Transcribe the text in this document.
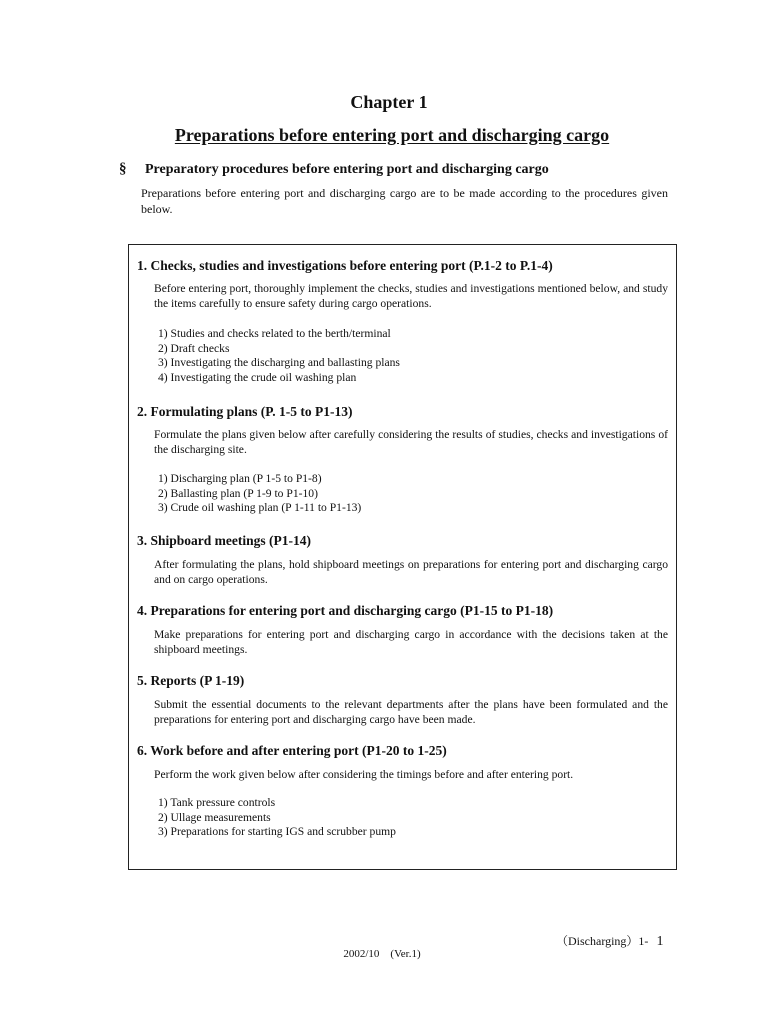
Chapter 1
Preparations before entering port and discharging cargo
§ Preparatory procedures before entering port and discharging cargo
Preparations before entering port and discharging cargo are to be made according to the procedures given below.
1. Checks, studies and investigations before entering port (P.1-2 to P.1-4)
Before entering port, thoroughly implement the checks, studies and investigations mentioned below, and study the items carefully to ensure safety during cargo operations.
1) Studies and checks related to the berth/terminal
2) Draft checks
3) Investigating the discharging and ballasting plans
4) Investigating the crude oil washing plan
2. Formulating plans (P. 1-5 to P1-13)
Formulate the plans given below after carefully considering the results of studies, checks and investigations of the discharging site.
1) Discharging plan (P 1-5 to P1-8)
2) Ballasting plan (P 1-9 to P1-10)
3) Crude oil washing plan (P 1-11 to P1-13)
3. Shipboard meetings (P1-14)
After formulating the plans, hold shipboard meetings on preparations for entering port and discharging cargo and on cargo operations.
4. Preparations for entering port and discharging cargo (P1-15 to P1-18)
Make preparations for entering port and discharging cargo in accordance with the decisions taken at the shipboard meetings.
5. Reports (P 1-19)
Submit the essential documents to the relevant departments after the plans have been formulated and the preparations for entering port and discharging cargo have been made.
6. Work before and after entering port (P1-20 to 1-25)
Perform the work given below after considering the timings before and after entering port.
1) Tank pressure controls
2) Ullage measurements
3) Preparations for starting IGS and scrubber pump
（Discharging）1- 1
2002/10　(Ver.1)
